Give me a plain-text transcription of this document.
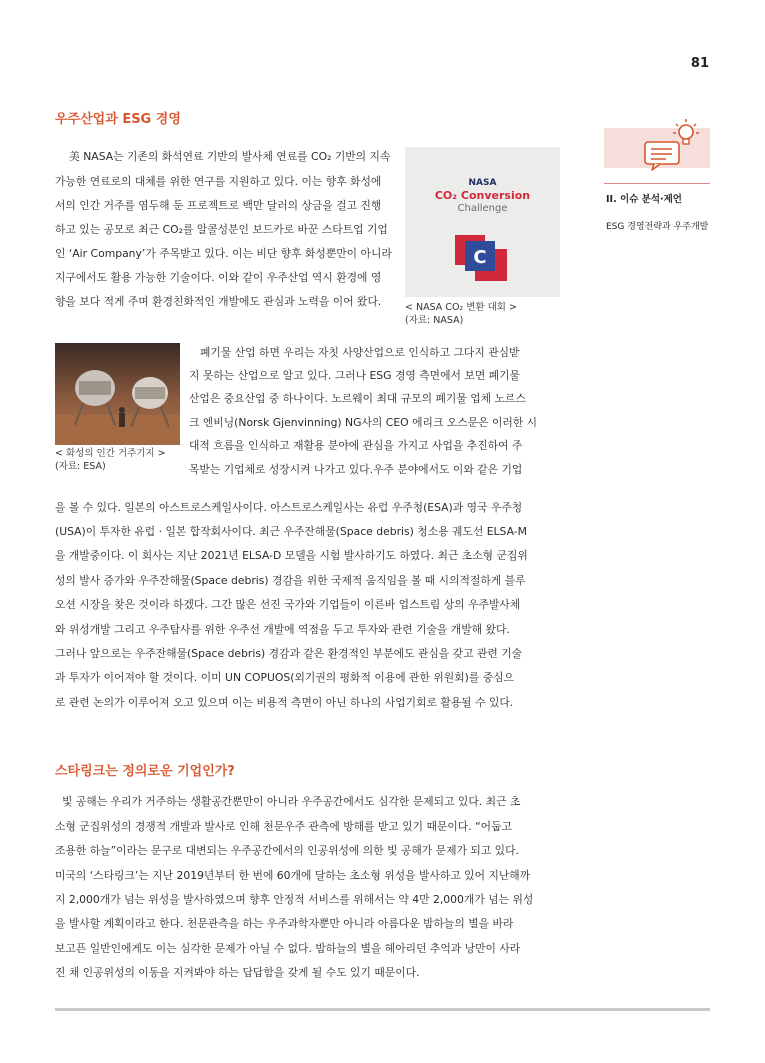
81
II. 이슈 분석·제언
ESG 경영전략과 우주개발
우주산업과 ESG 경영
美 NASA는 기존의 화석연료 기반의 발사체 연료를 CO₂ 기반의 지속
가능한 연료로의 대체를 위한 연구를 지원하고 있다. 이는 향후 화성에
서의 인간 거주를 염두해 둔 프로젝트로 백만 달러의 상금을 걸고 진행
하고 있는 공모로 최근 CO₂를 알콜성분인 보드카로 바꾼 스타트업 기업
인 ‘Air Company’가 주목받고 있다. 이는 비단 향후 화성뿐만이 아니라
지구에서도 활용 가능한 기술이다. 이와 같이 우주산업 역시 환경에 영
향을 보다 적게 주며 환경친화적인 개발에도 관심과 노력을 이어 왔다.
NASA
CO₂ Conversion
Challenge
C
< NASA CO₂ 변환 대회 >
(자료: NASA)
< 화성의 인간 거주기지 >
(자료: ESA)
폐기물 산업 하면 우리는 자칫 사양산업으로 인식하고 그다지 관심받
지 못하는 산업으로 알고 있다. 그러나 ESG 경영 측면에서 보면 폐기물
산업은 중요산업 중 하나이다. 노르웨이 최대 규모의 폐기물 업체 노르스
크 엔비닝(Norsk Gjenvinning) NG사의 CEO 에리크 오스문은 이러한 시
대적 흐름을 인식하고 재활용 분야에 관심을 가지고 사업을 추진하여 주
목받는 기업체로 성장시켜 나가고 있다.우주 분야에서도 이와 같은 기업
을 볼 수 있다. 일본의 아스트로스케일사이다. 아스트로스케일사는 유럽 우주청(ESA)과 영국 우주청
(USA)이 투자한 유럽 · 일본 합작회사이다. 최근 우주잔해물(Space debris) 청소용 궤도선 ELSA-M
을 개발중이다. 이 회사는 지난 2021년 ELSA-D 모델을 시험 발사하기도 하였다. 최근 초소형 군집위
성의 발사 증가와 우주잔해물(Space debris) 경감을 위한 국제적 움직임을 볼 때 시의적절하게 블루
오션 시장을 찾은 것이라 하겠다. 그간 많은 선진 국가와 기업들이 이른바 업스트림 상의 우주발사체
와 위성개발 그리고 우주탐사를 위한 우주선 개발에 역점을 두고 투자와 관련 기술을 개발해 왔다.
그러나 앞으로는 우주잔해물(Space debris) 경감과 같은 환경적인 부분에도 관심을 갖고 관련 기술
과 투자가 이어져야 할 것이다. 이미 UN COPUOS(외기권의 평화적 이용에 관한 위원회)를 중심으
로 관련 논의가 이루어져 오고 있으며 이는 비용적 측면이 아닌 하나의 사업기회로 활용될 수 있다.
스타링크는 정의로운 기업인가?
빛 공해는 우리가 거주하는 생활공간뿐만이 아니라 우주공간에서도 심각한 문제되고 있다. 최근 초
소형 군집위성의 경쟁적 개발과 발사로 인해 천문우주 관측에 방해를 받고 있기 때문이다. “어둡고
조용한 하늘”이라는 문구로 대변되는 우주공간에서의 인공위성에 의한 빛 공해가 문제가 되고 있다.
미국의 ‘스타링크’는 지난 2019년부터 한 번에 60개에 달하는 초소형 위성을 발사하고 있어 지난해까
지 2,000개가 넘는 위성을 발사하였으며 향후 안정적 서비스를 위해서는 약 4만 2,000개가 넘는 위성
을 발사할 계획이라고 한다. 천문관측을 하는 우주과학자뿐만 아니라 아름다운 밤하늘의 별을 바라
보고픈 일반인에게도 이는 심각한 문제가 아닐 수 없다. 밤하늘의 별을 헤아리던 추억과 낭만이 사라
진 채 인공위성의 이동을 지켜봐야 하는 답답함을 갖게 될 수도 있기 때문이다.
